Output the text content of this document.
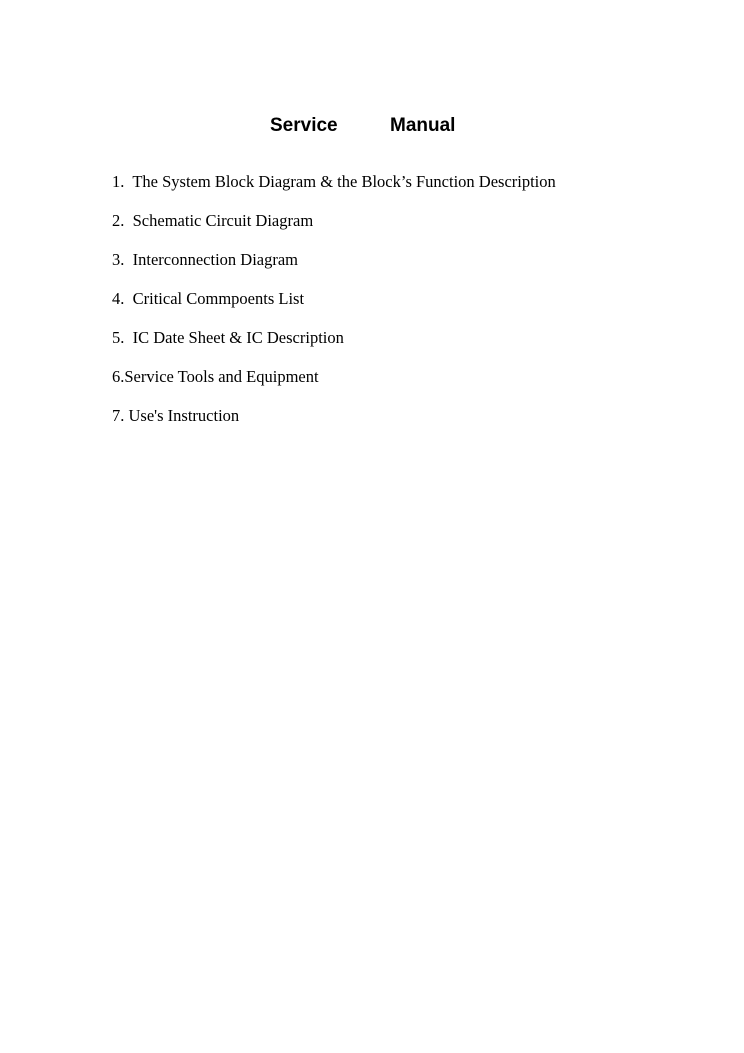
Service	Manual
1.  The System Block Diagram & the Block’s Function Description
2.  Schematic Circuit Diagram
3.  Interconnection Diagram
4.  Critical Commpoents List
5.  IC Date Sheet & IC Description
6.Service Tools and Equipment
7. Use's Instruction
